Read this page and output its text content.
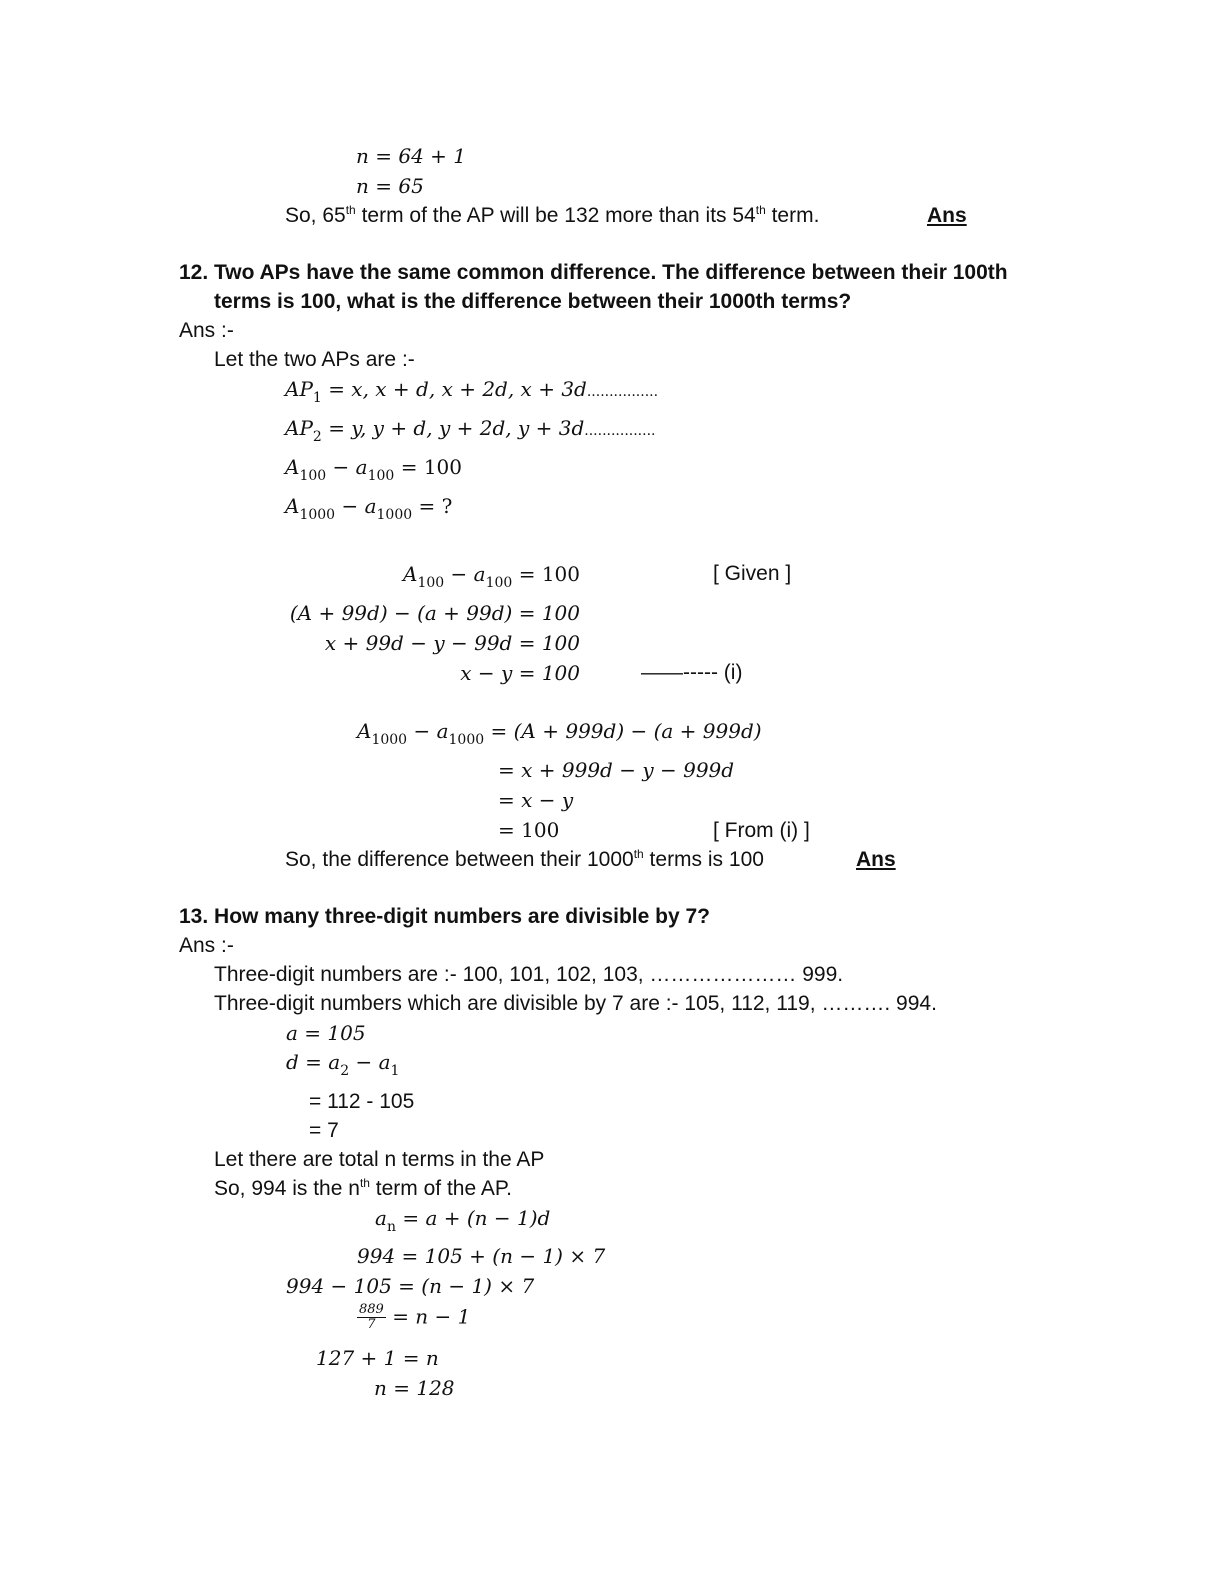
n = 64 + 1
n = 65
So, 65th term of the AP will be 132 more than its 54th term.	Ans
12. Two APs have the same common difference. The difference between their 100th
terms is 100, what is the difference between their 1000th terms?
Ans :-
Let the two APs are :-
$AP_1 = x$, x + d, x + 2d, x + 3d................
$AP_2 = y$, y + d, y + 2d, y + 3d................
$A_{100} - a_{100} = 100$
$A_{1000} - a_{1000}$ = ?
$A_{100} - a_{100} = 100$	[ Given ]
(A + 99d) − (a + 99d) = 100
x + 99d − y − 99d = 100
x − y = 100	——----- (i)
$A_{1000} - a_{1000} = (A + 999d) - (a + 999d)$
= x + 999d − y − 999d
= x − y
= 100	[ From (i) ]
So, the difference between their 1000th terms is 100	Ans
13. How many three-digit numbers are divisible by 7?
Ans :-
Three-digit numbers are :- 100, 101, 102, 103, ………………… 999.
Three-digit numbers which are divisible by 7 are :- 105, 112, 119, ………. 994.
a = 105
$d = a_2 - a_1$
= 112 - 105
= 7
Let there are total n terms in the AP
So, 994 is the $n^{th}$ term of the AP.
$a_n = a + (n - 1)d$
994 = 105 + (n − 1) × 7
994 − 105 = (n − 1) × 7
$\frac{889}{7} = n - 1$
127 + 1 = n
n = 128
